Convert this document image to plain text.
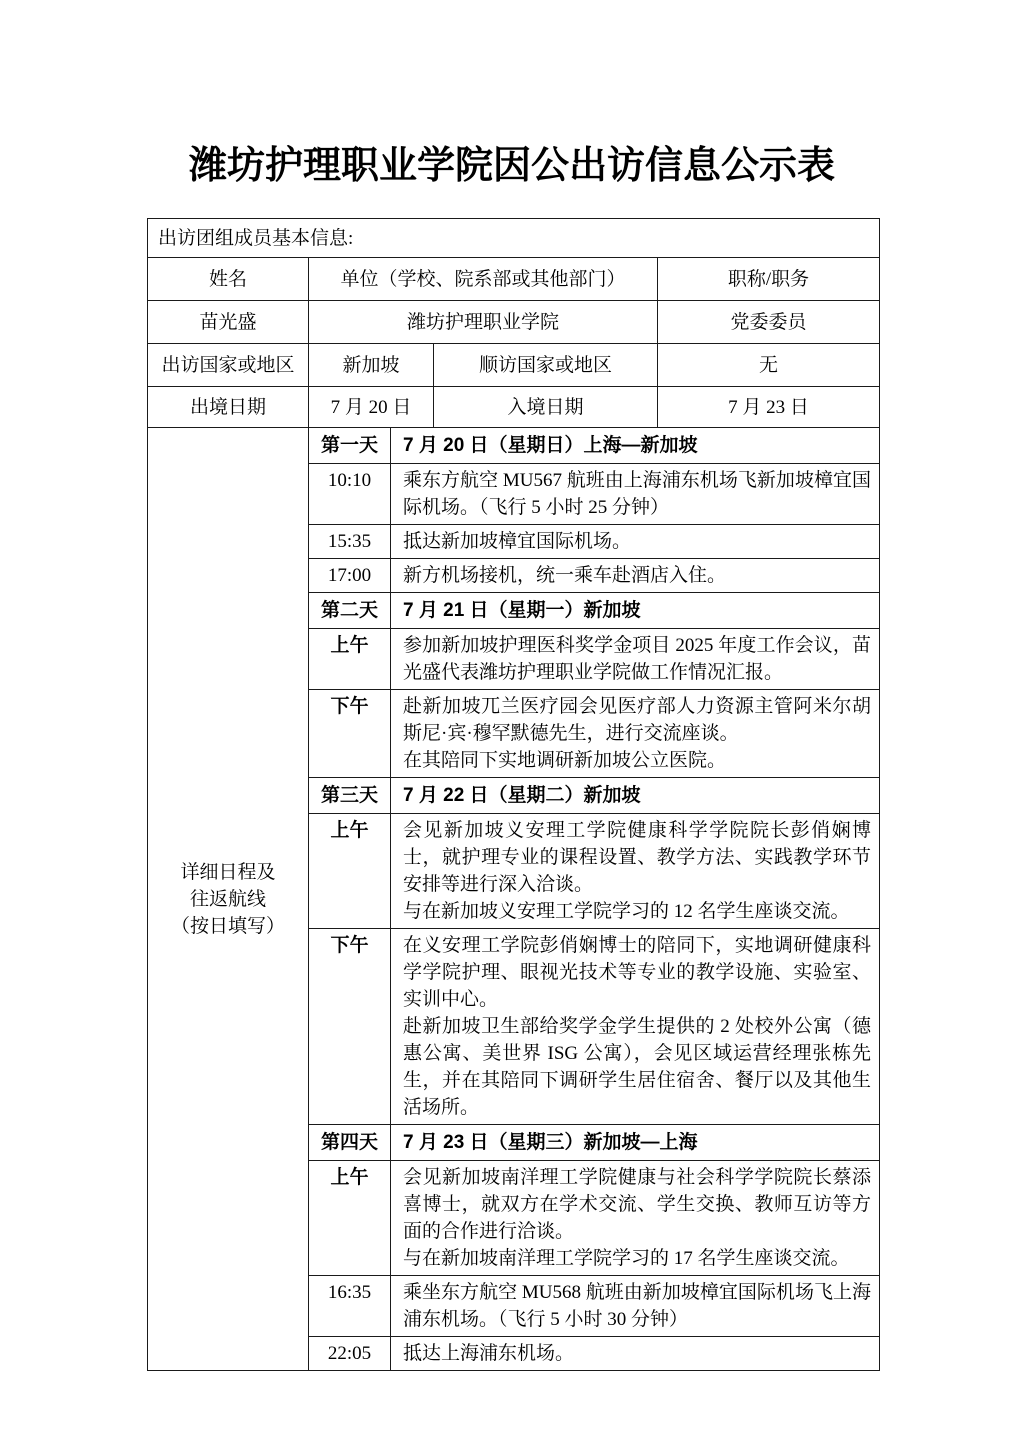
潍坊护理职业学院因公出访信息公示表
出访团组成员基本信息:				
姓名	单位（学校、院系部或其他部门）			职称/职务
苗光盛	潍坊护理职业学院			党委委员
出访国家或地区	新加坡		顺访国家或地区	无
出境日期	7 月 20 日		入境日期	7 月 23 日

详细日程及
往返航线
（按日填写）	第一天	7 月 20 日（星期日）上海—新加坡		
	10:10	乘东方航空 MU567 航班由上海浦东机场飞新加坡樟宜国际机场。（飞行 5 小时 25 分钟）		

	15:35	抵达新加坡樟宜国际机场。		

	17:00	新方机场接机，统一乘车赴酒店入住。		

	第二天	7 月 21 日（星期一）新加坡		
	上午	参加新加坡护理医科奖学金项目 2025 年度工作会议，苗光盛代表潍坊护理职业学院做工作情况汇报。		

	下午	赴新加坡兀兰医疗园会见医疗部人力资源主管阿米尔胡斯尼·宾·穆罕默德先生，进行交流座谈。
在其陪同下实地调研新加坡公立医院。		

	第三天	7 月 22 日（星期二）新加坡		
	上午	会见新加坡义安理工学院健康科学学院院长彭俏娴博士，就护理专业的课程设置、教学方法、实践教学环节安排等进行深入洽谈。
与在新加坡义安理工学院学习的 12 名学生座谈交流。		

	下午	在义安理工学院彭俏娴博士的陪同下，实地调研健康科学学院护理、眼视光技术等专业的教学设施、实验室、实训中心。
赴新加坡卫生部给奖学金学生提供的 2 处校外公寓（德惠公寓、美世界 ISG 公寓），会见区域运营经理张栋先生，并在其陪同下调研学生居住宿舍、餐厅以及其他生活场所。		

	第四天	7 月 23 日（星期三）新加坡—上海		
	上午	会见新加坡南洋理工学院健康与社会科学学院院长蔡添喜博士，就双方在学术交流、学生交换、教师互访等方面的合作进行洽谈。
与在新加坡南洋理工学院学习的 17 名学生座谈交流。		

	16:35	乘坐东方航空 MU568 航班由新加坡樟宜国际机场飞上海浦东机场。（飞行 5 小时 30 分钟）		

	22:05	抵达上海浦东机场。		
